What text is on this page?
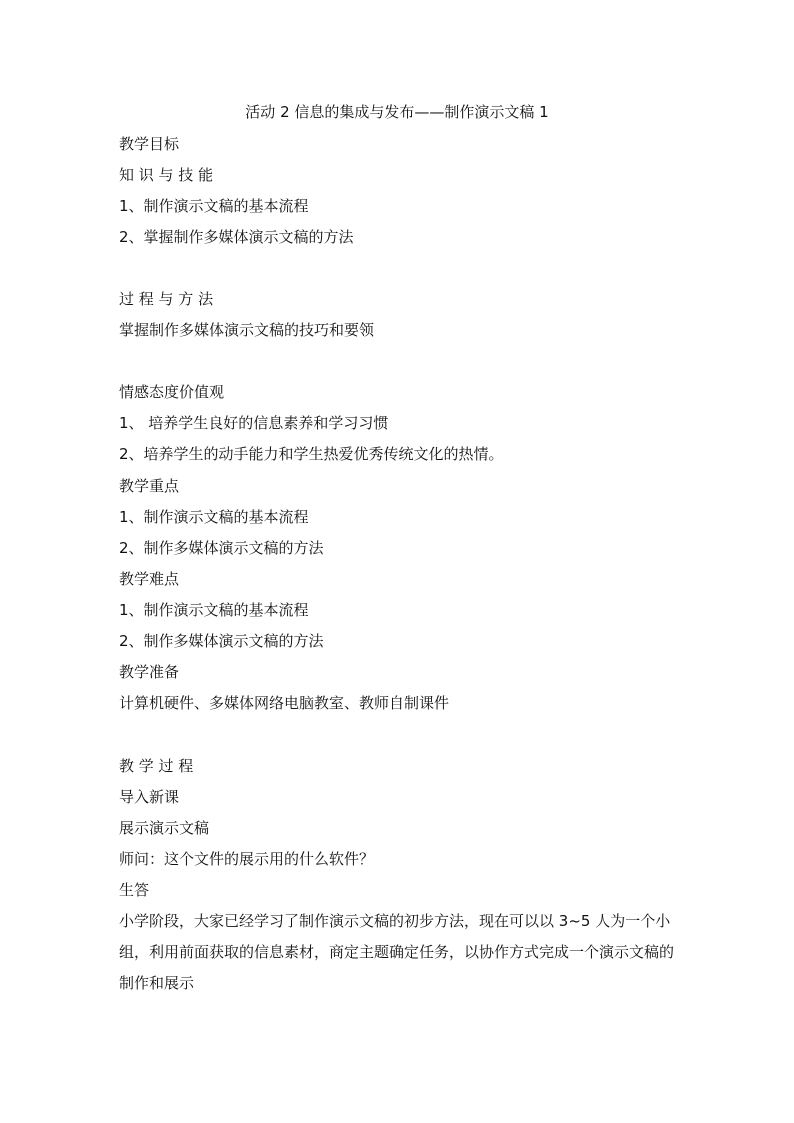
活动 2 信息的集成与发布——制作演示文稿 1
教学目标
知 识 与 技 能
1、制作演示文稿的基本流程
2、掌握制作多媒体演示文稿的方法
过 程 与 方 法
掌握制作多媒体演示文稿的技巧和要领
情感态度价值观
1、 培养学生良好的信息素养和学习习惯
2、培养学生的动手能力和学生热爱优秀传统文化的热情。
教学重点
1、制作演示文稿的基本流程
2、制作多媒体演示文稿的方法
教学难点
1、制作演示文稿的基本流程
2、制作多媒体演示文稿的方法
教学准备
计算机硬件、多媒体网络电脑教室、教师自制课件
教 学 过 程
导入新课
展示演示文稿
师问：这个文件的展示用的什么软件？
生答
小学阶段，大家已经学习了制作演示文稿的初步方法，现在可以以 3~5 人为一个小组，利用前面获取的信息素材，商定主题确定任务，以协作方式完成一个演示文稿的制作和展示
